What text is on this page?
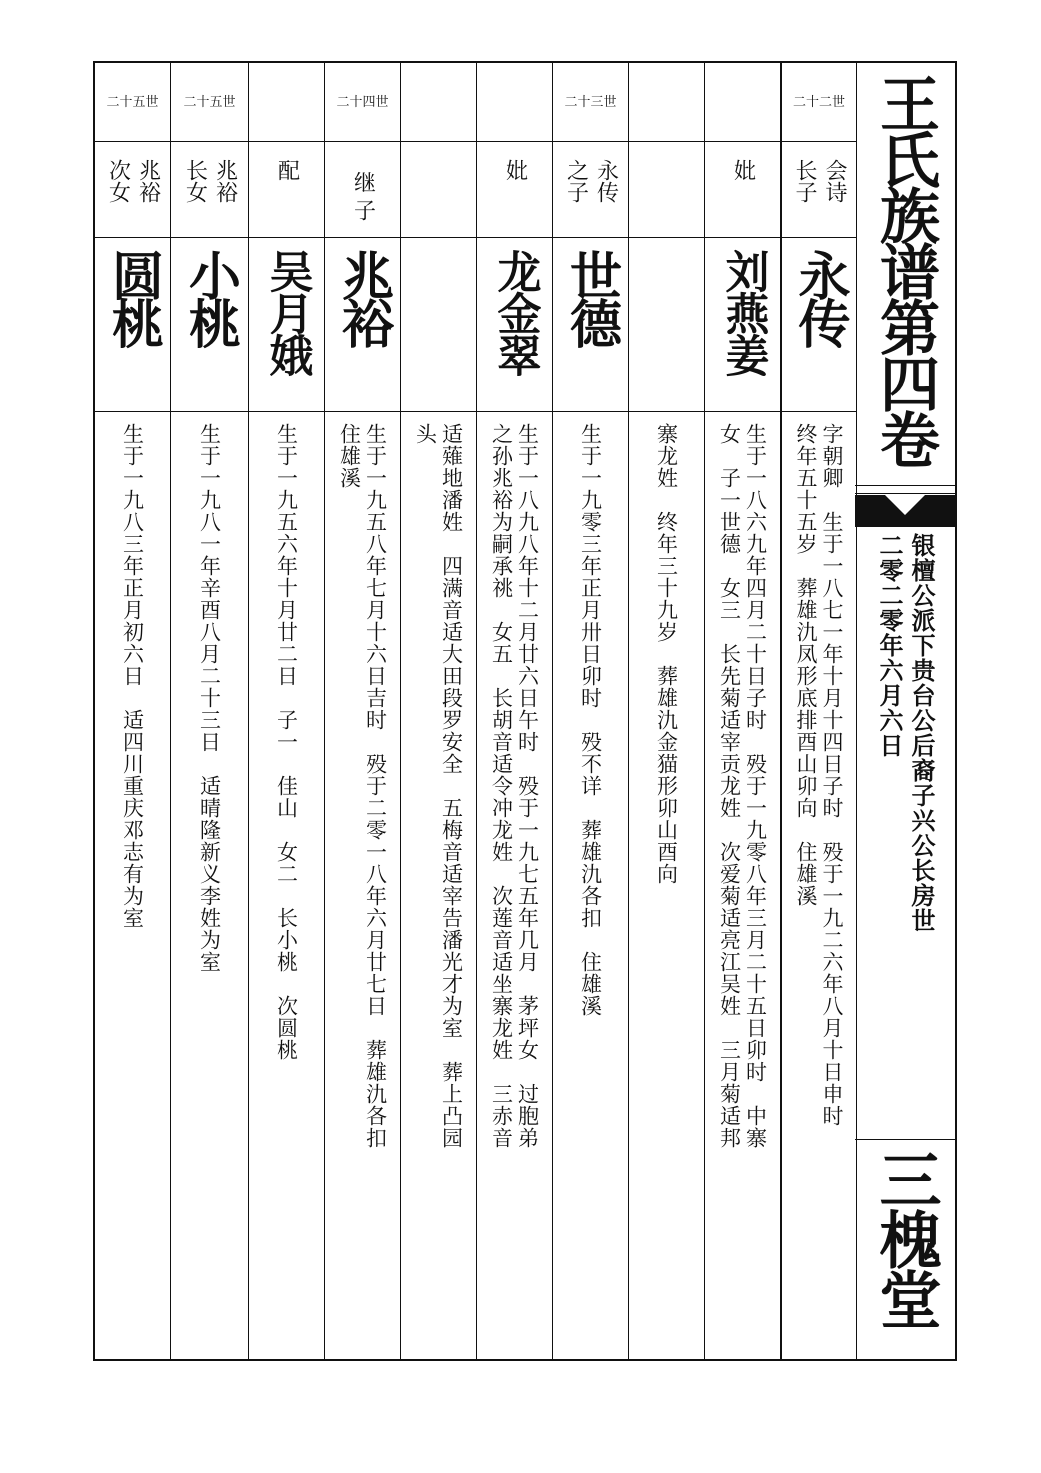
王氏族谱第四卷
银檀公派下贵台公后裔子兴公长房世
二零二零年六月六日
三槐堂
二十二世
会诗
长子
永传
字朝卿　生于一八七一年十月十四日子时　殁于一九二六年八月十日申时
终年五十五岁　葬雄氿凤形底排酉山卯向　住雄溪
妣
刘燕姜
生于一八六九年四月二十日子时　殁于一九零八年三月二十五日卯时　中寨
女　子一世德　女三　长先菊适宰贡龙姓　次爱菊适亮江吴姓　三月菊适邦
寨龙姓　终年三十九岁　葬雄氿金猫形卯山酉向
二十三世
永传
之子
世德
生于一九零三年正月卅日卯时　殁不详　葬雄氿各扣　住雄溪
妣
龙金翠
生于一八九八年十二月廿六日午时　殁于一九七五年几月　茅坪女　过胞弟
之孙兆裕为嗣承祧　女五　长胡音适令冲龙姓　次莲音适坐寨龙姓　三赤音
适薙地潘姓　四满音适大田段罗安全　五梅音适宰告潘光才为室　葬上凸园
头
二十四世
继
子
兆裕
生于一九五八年七月十六日吉时　殁于二零一八年六月廿七日　葬雄氿各扣
住雄溪
配
吴月娥
生于一九五六年十月廿二日　子一　佳山　女二　长小桃　次圆桃
二十五世
兆裕
长女
小桃
生于一九八一年辛酉八月二十三日　适晴隆新义李姓为室
二十五世
兆裕
次女
圆桃
生于一九八三年正月初六日　适四川重庆邓志有为室
